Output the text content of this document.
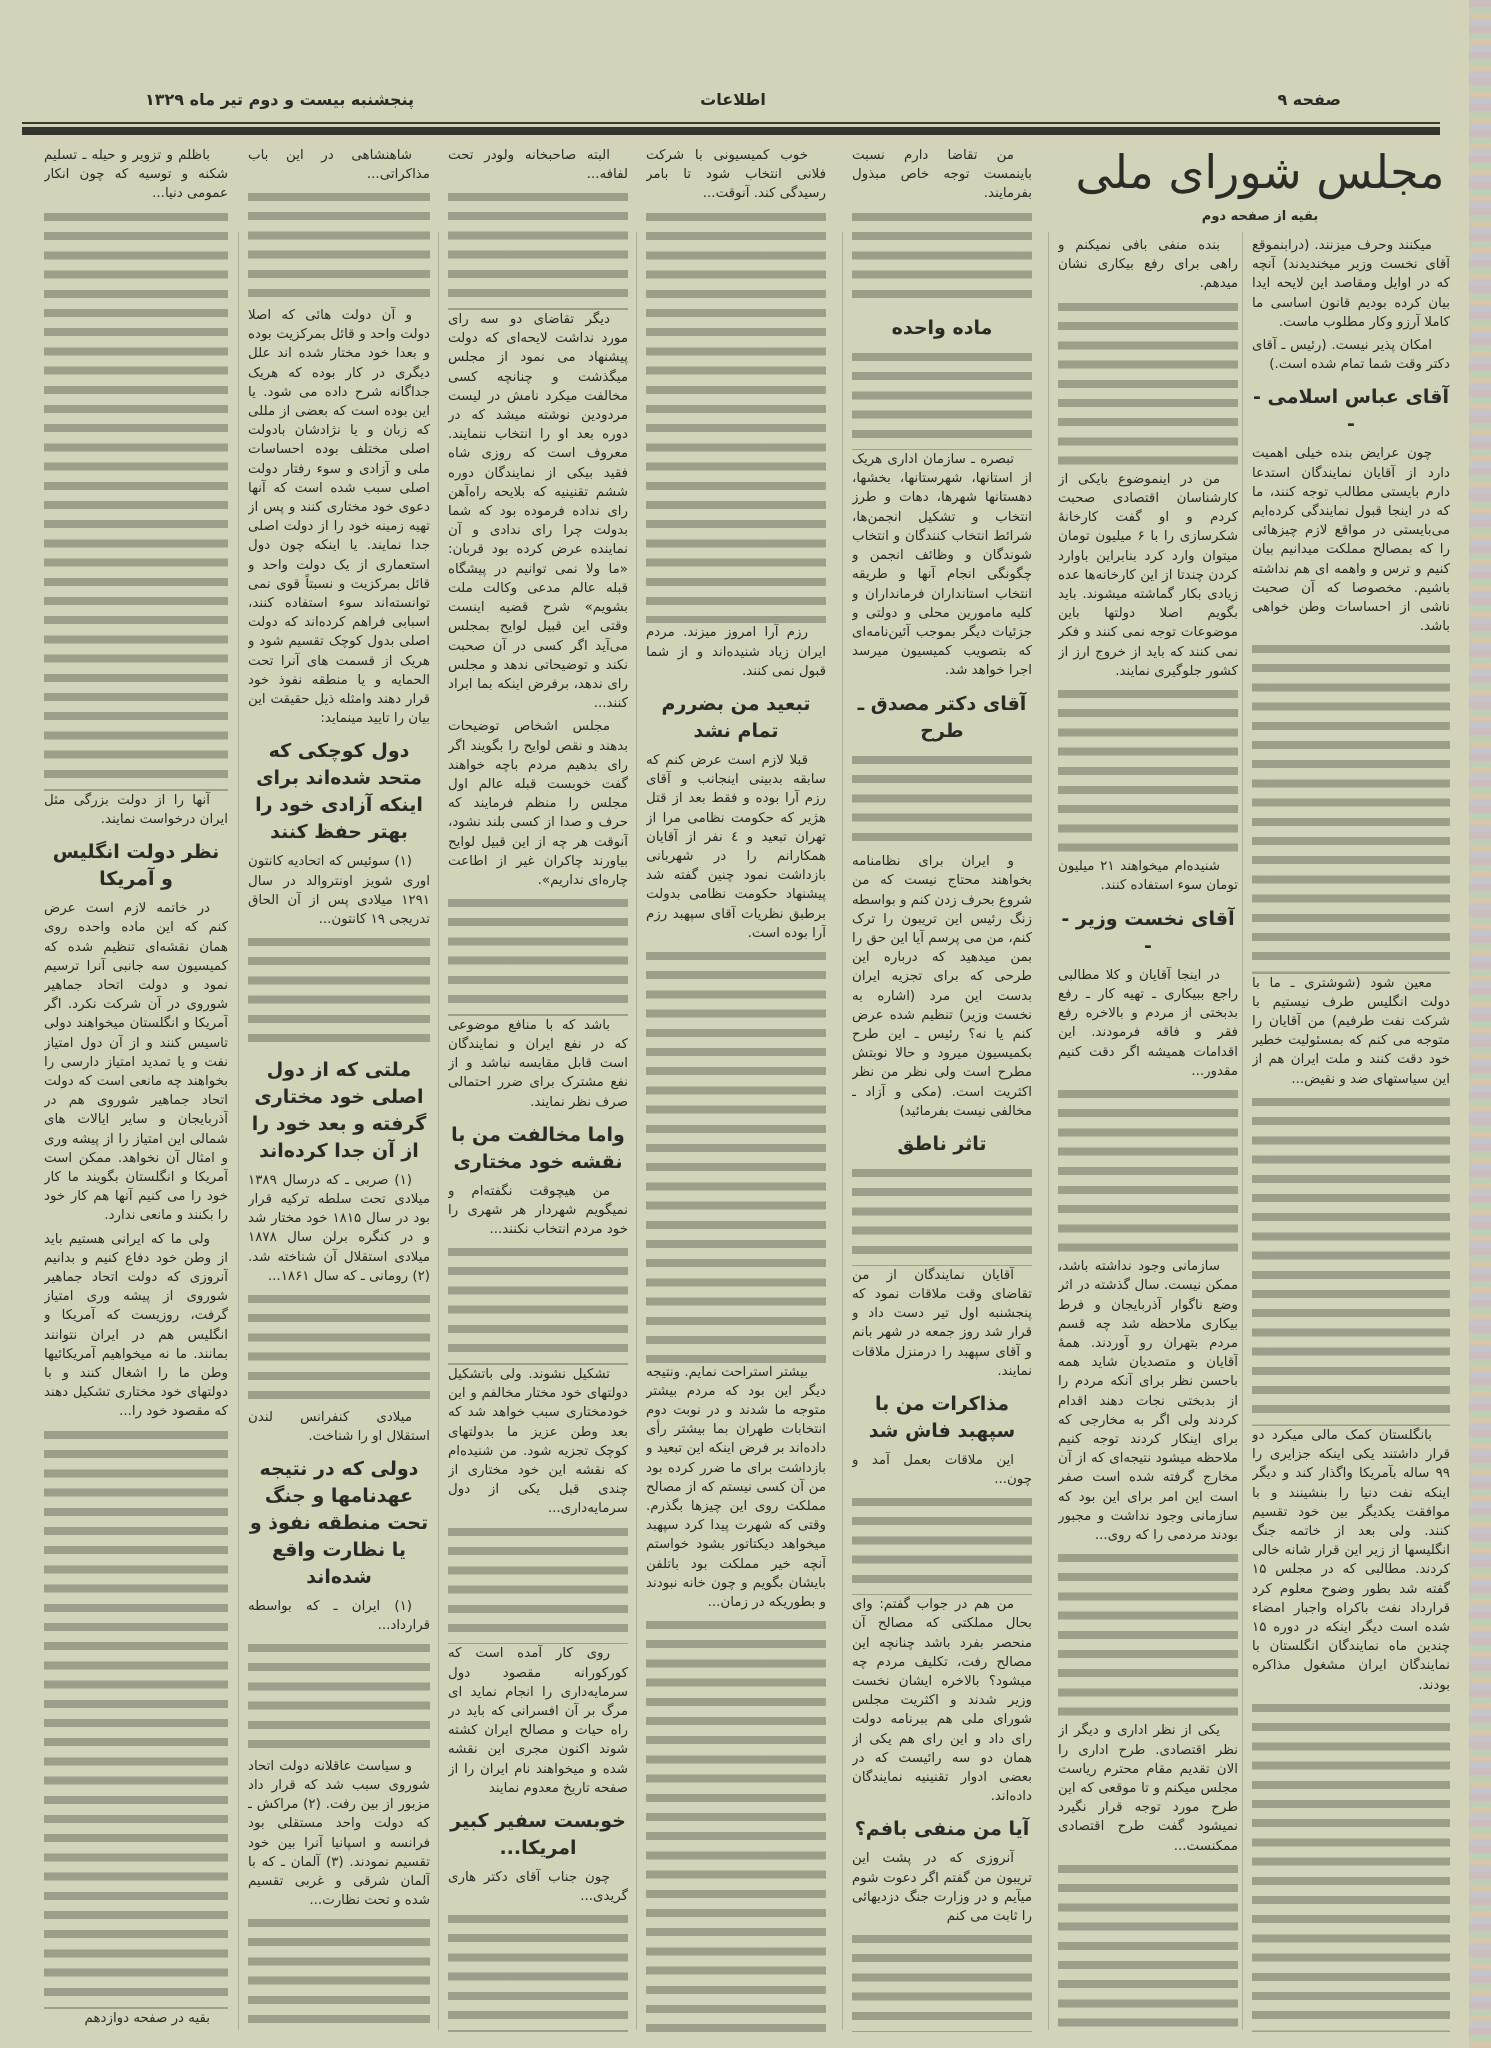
صفحه ۹
اطلاعات
پنجشنبه بیست و دوم تیر ماه ۱۳۲۹
مجلس شورای ملی
بقیه از صفحه دوم
میکنند وحرف میزنند. (درابنموقع آقای نخست وزیر میخندیدند) آنچه که در اوایل ومقاصد این لایحه ایدا بیان کرده بودیم قانون اساسی ما کاملا آرزو وکار مطلوب ماست.
امکان پذیر نیست. (رئیس ـ آقای دکتر وقت شما تمام شده است.)
آقای عباس اسلامی --
چون عرایض بنده خیلی اهمیت دارد از آقایان نمایندگان استدعا دارم بایستی مطالب توجه کنند، ما که در اینجا قبول نمایندگی کرده‌ایم می‌بایستی در مواقع لازم چیزهائی را که بمصالح مملکت میدانیم بیان کنیم و ترس و واهمه ای هم نداشته باشیم. مخصوصا که آن صحبت ناشی از احساسات وطن خواهی باشد.
معین شود (شوشتری ـ ما با دولت انگلیس طرف نیستیم با شرکت نفت طرفیم) من آقایان را متوجه می کنم که بمسئولیت خطیر خود دقت کنند و ملت ایران هم از این سیاستهای ضد و نقیض...
بانگلستان کمک مالی میکرد دو قرار داشتند یکی اینکه جزایری را ۹۹ ساله بآمریکا واگذار کند و دیگر اینکه نفت دنیا را بنشینند و با موافقت یکدیگر بین خود تقسیم کنند. ولی بعد از خاتمه جنگ انگلیسها از زیر این قرار شانه خالی کردند. مطالبی که در مجلس ۱۵ گفته شد بطور وضوح معلوم کرد قرارداد نفت باکراه واجبار امضاء شده است دیگر اینکه در دوره ۱۵ چندین ماه نمایندگان انگلستان با نمایندگان ایران مشغول مذاکره بودند.
بنده منفی بافی نمیکنم و راهی برای رفع بیکاری نشان میدهم.
من در اینموضوع بایکی از کارشناسان اقتصادی صحبت کردم و او گفت کارخانهٔ شکرسازی را با ۶ میلیون تومان میتوان وارد کرد بنابراین باوارد کردن چندتا از این کارخانه‌ها عده زیادی بکار گماشته میشوند. باید بگویم اصلا دولتها باین موضوعات توجه نمی کنند و فکر نمی کنند که باید از خروج ارز از کشور جلوگیری نمایند.
شنیده‌ام میخواهند ۲۱ میلیون تومان سوء استفاده کنند.
آقای نخست وزیر --
در اینجا آقایان و کلا مطالبی راجع ببیکاری ـ تهیه کار ـ رفع بدبختی از مردم و بالاخره رفع فقر و فاقه فرمودند. این اقدامات همیشه اگر دقت کنیم مقدور...
سازمانی وجود نداشته باشد، ممکن نیست. سال گذشته در اثر وضع ناگوار آذربایجان و فرط بیکاری ملاحظه شد چه قسم مردم بتهران رو آوردند. همهٔ آقایان و متصدیان شاید همه باحسن نظر برای آنکه مردم را از بدبختی نجات دهند اقدام کردند ولی اگر به مخارجی که برای اینکار کردند توجه کنیم ملاحظه میشود نتیجه‌ای که از آن مخارج گرفته شده است صفر است این امر برای این بود که سازمانی وجود نداشت و مجبور بودند مردمی را که روی...
یکی از نظر اداری و دیگر از نظر اقتصادی. طرح اداری را الان تقدیم مقام محترم ریاست مجلس میکنم و تا موقعی که این طرح مورد توجه قرار نگیرد نمیشود گفت طرح اقتصادی ممکنست...
من تقاضا دارم نسبت باینمست توجه خاص مبذول بفرمایند.
ماده واحده
تبصره ـ سازمان اداری هریک از استانها، شهرستانها، بخشها، دهستانها شهرها، دهات و طرز انتخاب و تشکیل انجمن‌ها، شرائط انتخاب کنندگان و انتخاب شوندگان و وظائف انجمن و چگونگی انجام آنها و طریقه انتخاب استانداران فرمانداران و کلیه مامورین محلی و دولتی و جزئیات دیگر بموجب آئین‌نامه‌ای که بتصویب کمیسیون میرسد اجرا خواهد شد.
آقای دکتر مصدق ـ طرح
و ایران برای نظامنامه بخواهند محتاج نیست که من شروع بحرف زدن کنم و بواسطه زنگ رئیس این تریبون را ترک کنم، من می پرسم آیا این حق را بمن میدهید که درباره این طرحی که برای تجزیه ایران بدست این مرد (اشاره به نخست وزیر) تنظیم شده عرض کنم یا نه؟ رئیس ـ این طرح بکمیسیون میرود و حالا نوبتش مطرح است ولی نظر من نظر اکثریت است. (مکی و آزاد ـ مخالفی نیست بفرمائید)
تاثر ناطق
آقایان نمایندگان از من تقاضای وقت ملاقات نمود که پنجشنبه اول تیر دست داد و قرار شد روز جمعه در شهر بانم و آقای سپهبد را درمنزل ملاقات نمایند.
مذاکرات من با سپهبد فاش شد
این ملاقات بعمل آمد و چون...
من هم در جواب گفتم: وای بحال مملکتی که مصالح آن منحصر بفرد باشد چنانچه این مصالح رفت، تکلیف مردم چه میشود؟ بالاخره ایشان نخست وزیر شدند و اکثریت مجلس شورای ملی هم ببرنامه دولت رای داد و این رای هم یکی از همان دو سه رائیست که در بعضی ادوار تقنینیه نمایندگان داده‌اند.
آیا من منفی بافم؟
آنروزی که در پشت این تریبون من گفتم اگر دعوت شوم میآیم و در وزارت جنگ دزدیهائی را ثابت می کنم
خوب کمیسیونی با شرکت فلانی انتخاب شود تا بامر رسیدگی کند. آنوقت...
رزم آرا امروز میزند. مردم ایران زیاد شنیده‌اند و از شما قبول نمی کنند.
تبعید من بضررم تمام نشد
قبلا لازم است عرض کنم که سابقه بدبینی اینجانب و آقای رزم آرا بوده و فقط بعد از قتل هژیر که حکومت نظامی مرا از تهران تبعید و ٤ نفر از آقایان همکارانم را در شهربانی بازداشت نمود چنین گفته شد پیشنهاد حکومت نظامی بدولت برطبق نظریات آقای سپهبد رزم آرا بوده است.
بیشتر استراحت نمایم. ونتیجه دیگر این بود که مردم بیشتر متوجه ما شدند و در نوبت دوم انتخابات طهران بما بیشتر رأی داده‌اند بر فرض اینکه این تبعید و بازداشت برای ما ضرر کرده بود من آن کسی نیستم که از مصالح مملکت روی این چیزها بگذرم. وقتی که شهرت پیدا کرد سپهبد میخواهد دیکتاتور بشود خواستم آنچه خیر مملکت بود باتلفن بایشان بگویم و چون خانه نبودند و بطوریکه در زمان...
البته صاحبخانه ولودر تحت لفافه...
دیگر تقاضای دو سه رای مورد نداشت لایحه‌ای که دولت پیشنهاد می نمود از مجلس میگذشت و چنانچه کسی مخالفت میکرد نامش در لیست مردودین نوشته میشد که در دوره بعد او را انتخاب ننمایند. معروف است که روزی شاه فقید بیکی از نمایندگان دوره ششم تقنینیه که بلایحه راه‌آهن رای نداده فرموده بود که شما بدولت چرا رای ندادی و آن نماینده عرض کرده بود قربان: «ما ولا نمی توانیم در پیشگاه قبله عالم مدعی وکالت ملت بشویم» شرح قضیه اینست وقتی این قبیل لوایح بمجلس می‌آید اگر کسی در آن صحبت نکند و توضیحاتی ندهد و مجلس رای ندهد، برفرض اینکه بما ابراد کنند...
مجلس اشخاص توضیحات بدهند و نقص لوایح را بگویند اگر رای بدهیم مردم باچه خواهند گفت خوبست قبله عالم اول مجلس را منظم فرمایند که حرف و صدا از کسی بلند نشود، آنوقت هر چه از این قبیل لوایح بیاورند چاکران غیر از اطاعت چاره‌ای نداریم».
باشد که با منافع موضوعی که در نفع ایران و نمایندگان است قابل مقایسه نباشد و از نفع مشترک برای ضرر احتمالی صرف نظر نمایند.
واما مخالفت من با نقشه خود مختاری
من هیچوقت نگفته‌ام و نمیگویم شهردار هر شهری را خود مردم انتخاب نکنند...
تشکیل نشوند. ولی باتشکیل دولتهای خود مختار مخالفم و این خودمختاری سبب خواهد شد که بعد وطن عزیز ما بدولتهای کوچک تجزیه شود. من شنیده‌ام که نقشه این خود مختاری از چندی قبل یکی از دول سرمایه‌داری...
روی کار آمده است که کورکورانه مقصود دول سرمایه‌داری را انجام نماید ای مرگ بر آن افسرانی که باید در راه حیات و مصالح ایران کشته شوند اکنون مجری این نقشه شده و میخواهند نام ایران را از صفحه تاریخ معدوم نمایند
خوبست سفیر کبیر امریکا...
چون جناب آقای دکتر هاری گریدی...
شاهنشاهی در این باب مذاکراتی...
و آن دولت هائی که اصلا دولت واحد و قائل بمرکزیت بوده و بعدا خود مختار شده اند علل دیگری در کار بوده که هریک جداگانه شرح داده می شود. یا این بوده است که بعضی از مللی که زبان و یا نژادشان بادولت اصلی مختلف بوده احساسات ملی و آزادی و سوء رفتار دولت اصلی سبب شده است که آنها دعوی خود مختاری کنند و پس از تهیه زمینه خود را از دولت اصلی جدا نمایند. یا اینکه چون دول استعماری از یک دولت واحد و قائل بمرکزیت و نسبتاً قوی نمی توانسته‌اند سوء استفاده کنند، اسبابی فراهم کرده‌اند که دولت اصلی بدول کوچک تقسیم شود و هریک از قسمت های آنرا تحت الحمایه و یا منطقه نفوذ خود قرار دهند وامثله ذیل حقیقت این بیان را تایید مینماید:
دول کوچکی که متحد شده‌اند برای اینکه آزادی خود را بهتر حفظ کنند
(۱) سوئیس که اتحادیه کانتون اوری شویز اونتروالد در سال ۱۲۹۱ میلادی پس از آن الحاق تدریجی ۱۹ کانتون...
ملتی که از دول اصلی خود مختاری گرفته و بعد خود را از آن جدا کرده‌اند
(۱) صربی ـ که درسال ۱۳۸۹ میلادی تحت سلطه ترکیه قرار بود در سال ۱۸۱۵ خود مختار شد و در کنگره برلن سال ۱۸۷۸ میلادی استقلال آن شناخته شد. (۲) رومانی ـ که سال ۱۸۶۱...
میلادی کنفرانس لندن استقلال او را شناخت.
دولی که در نتیجه عهدنامها و جنگ تحت منطقه نفوذ و یا نظارت واقع شده‌اند
(۱) ایران ـ که بواسطه قرارداد...
و سیاست عاقلانه دولت اتحاد شوروی سبب شد که قرار داد مزبور از بین رفت. (۲) مراکش ـ که دولت واحد مستقلی بود فرانسه و اسپانیا آنرا بین خود تقسیم نمودند. (۳) آلمان ـ که با آلمان شرقی و غربی تقسیم شده و تحت نظارت...
باظلم و تزویر و حیله ـ تسلیم شکنه و توسیه که چون انکار عمومی دنیا...
آنها را از دولت بزرگی مثل ایران درخواست نمایند.
نظر دولت انگلیس و آمریکا
در خاتمه لازم است عرض کنم که این ماده واحده روی همان نقشه‌ای تنظیم شده که کمیسیون سه جانبی آنرا ترسیم نمود و دولت اتحاد جماهیر شوروی در آن شرکت نکرد. اگر آمریکا و انگلستان میخواهند دولی تاسیس کنند و از آن دول امتیاز نفت و یا تمدید امتیاز دارسی را بخواهند چه مانعی است که دولت اتحاد جماهیر شوروی هم در آذربایجان و سایر ایالات های شمالی این امتیاز را از پیشه وری و امثال آن نخواهد. ممکن است آمریکا و انگلستان بگویند ما کار خود را می کنیم آنها هم کار خود را بکنند و مانعی ندارد.
ولی ما که ایرانی هستیم باید از وطن خود دفاع کنیم و بدانیم آنروزی که دولت اتحاد جماهیر شوروی از پیشه وری امتیاز گرفت، روزیست که آمریکا و انگلیس هم در ایران نتوانند بمانند. ما نه میخواهیم آمریکائیها وطن ما را اشغال کنند و با دولتهای خود مختاری تشکیل دهند که مقصود خود را...
بقیه در صفحه دوازدهم
